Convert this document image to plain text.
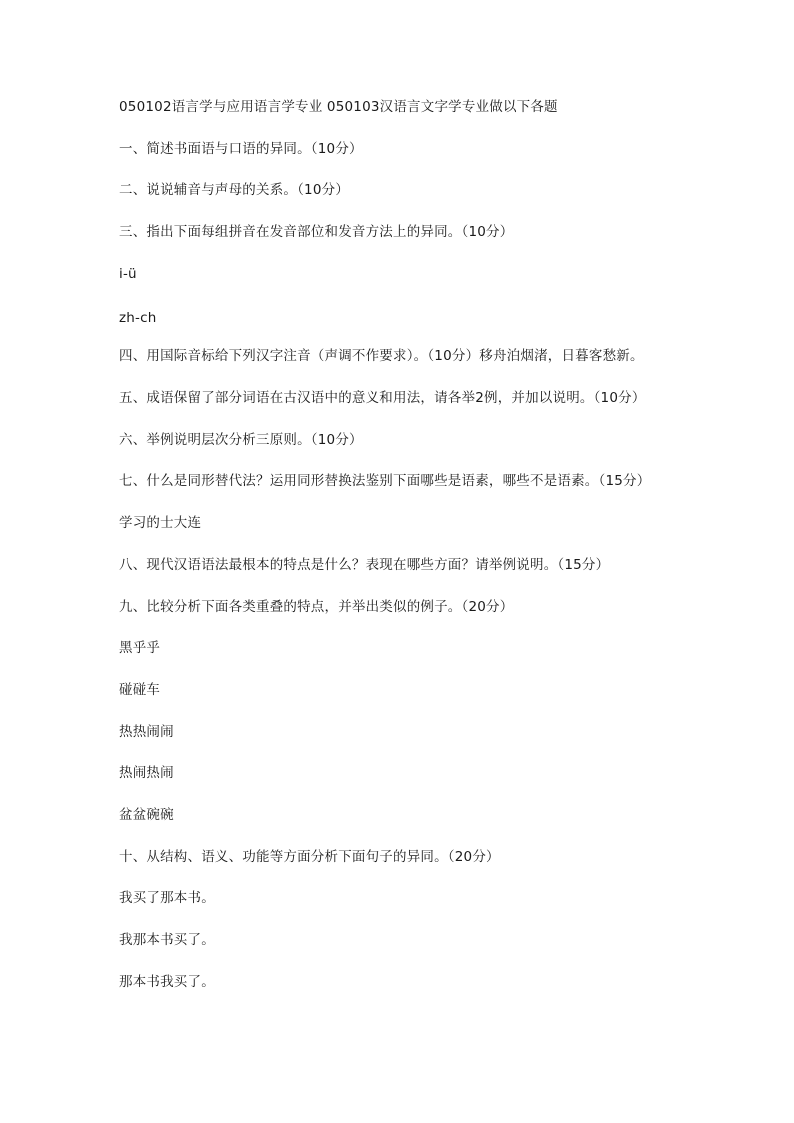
050102语言学与应用语言学专业 050103汉语言文字学专业做以下各题

一、简述书面语与口语的异同。（10分）

二、说说辅音与声母的关系。（10分）

三、指出下面每组拼音在发音部位和发音方法上的异同。（10分）

i-ü

zh-ch

四、用国际音标给下列汉字注音（声调不作要求）。（10分）移舟泊烟渚，日暮客愁新。

五、成语保留了部分词语在古汉语中的意义和用法，请各举2例，并加以说明。（10分）

六、举例说明层次分析三原则。（10分）

七、什么是同形替代法？运用同形替换法鉴别下面哪些是语素，哪些不是语素。（15分）

学习的士大连

八、现代汉语语法最根本的特点是什么？表现在哪些方面？请举例说明。（15分）

九、比较分析下面各类重叠的特点，并举出类似的例子。（20分）

黑乎乎

碰碰车

热热闹闹

热闹热闹

盆盆碗碗

十、从结构、语义、功能等方面分析下面句子的异同。（20分）

我买了那本书。

我那本书买了。

那本书我买了。
